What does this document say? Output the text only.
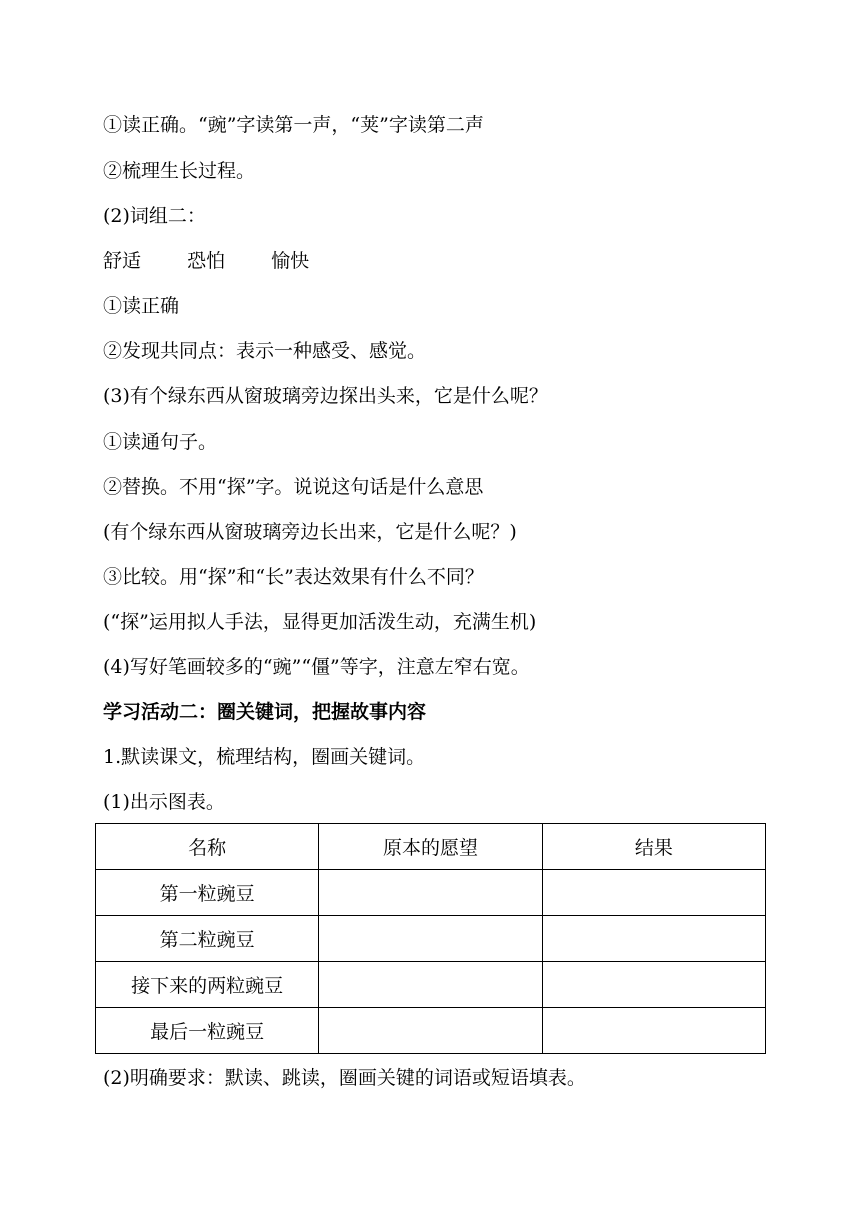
①读正确。“豌”字读第一声，“荚”字读第二声
②梳理生长过程。
(2)词组二：
舒适 恐怕 愉快
①读正确
②发现共同点：表示一种感受、感觉。
(3)有个绿东西从窗玻璃旁边探出头来，它是什么呢？
①读通句子。
②替换。不用“探”字。说说这句话是什么意思
(有个绿东西从窗玻璃旁边长出来，它是什么呢？)
③比较。用“探”和“长”表达效果有什么不同？
(“探”运用拟人手法，显得更加活泼生动，充满生机)
(4)写好笔画较多的“豌”“僵”等字，注意左窄右宽。
学习活动二：圈关键词，把握故事内容
1.默读课文，梳理结构，圈画关键词。
(1)出示图表。
名称	原本的愿望	结果
第一粒豌豆		
第二粒豌豆		
接下来的两粒豌豆		
最后一粒豌豆		
(2)明确要求：默读、跳读，圈画关键的词语或短语填表。
